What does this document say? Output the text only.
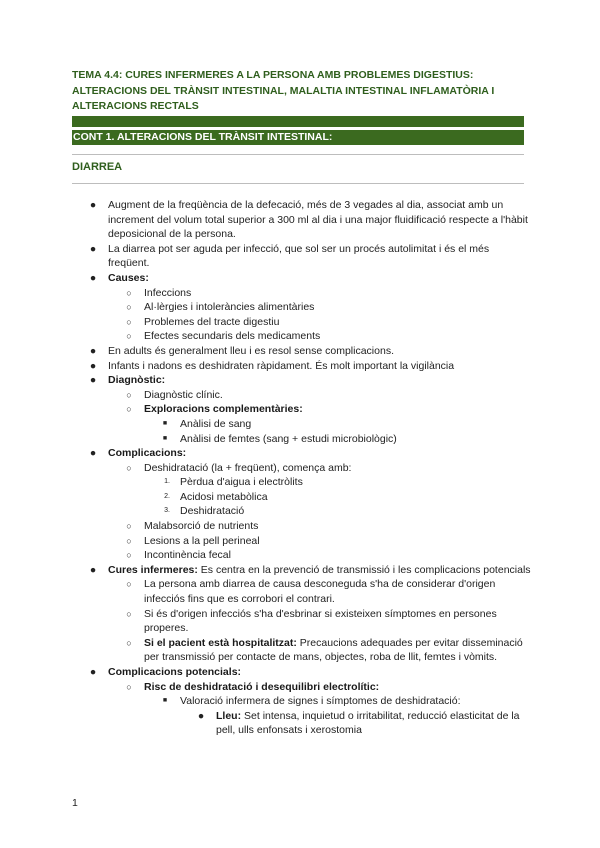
TEMA 4.4: CURES INFERMERES A LA PERSONA AMB PROBLEMES DIGESTIUS: ALTERACIONS DEL TRÀNSIT INTESTINAL, MALALTIA INTESTINAL INFLAMATÒRIA I ALTERACIONS RECTALS
CONT 1. ALTERACIONS DEL TRÀNSIT INTESTINAL:
DIARREA
●	Augment de la freqüència de la defecació, més de 3 vegades al dia, associat amb un increment del volum total superior a 300 ml al dia i una major fluidificació respecte a l'hàbit deposicional de la persona.
●	La diarrea pot ser aguda per infecció, que sol ser un procés autolimitat i és el més freqüent.
●	Causes:
○	Infeccions
○	Al·lèrgies i intoleràncies alimentàries
○	Problemes del tracte digestiu
○	Efectes secundaris dels medicaments
●	En adults és generalment lleu i es resol sense complicacions.
●	Infants i nadons es deshidraten ràpidament. És molt important la vigilància
●	Diagnòstic:
○	Diagnòstic clínic.
○	Exploracions complementàries:
■	Anàlisi de sang
■	Anàlisi de femtes (sang + estudi microbiològic)
●	Complicacions:
○	Deshidratació (la + freqüent), comença amb:
1. Pèrdua d'aigua i electròlits
2. Acidosi metabòlica
3. Deshidratació
○	Malabsorció de nutrients
○	Lesions a la pell perineal
○	Incontinència fecal
●	Cures infermeres: Es centra en la prevenció de transmissió i les complicacions potencials
○	La persona amb diarrea de causa desconeguda s'ha de considerar d'origen infecciós fins que es corrobori el contrari.
○	Si és d'origen infecciós s'ha d'esbrinar si existeixen símptomes en persones properes.
○	Si el pacient està hospitalitzat: Precaucions adequades per evitar disseminació per transmissió per contacte de mans, objectes, roba de llit, femtes i vòmits.
●	Complicacions potencials:
○	Risc de deshidratació i desequilibri electrolític:
■	Valoració infermera de signes i símptomes de deshidratació:
●	Lleu: Set intensa, inquietud o irritabilitat, reducció elasticitat de la pell, ulls enfonsats i xerostomia
1
